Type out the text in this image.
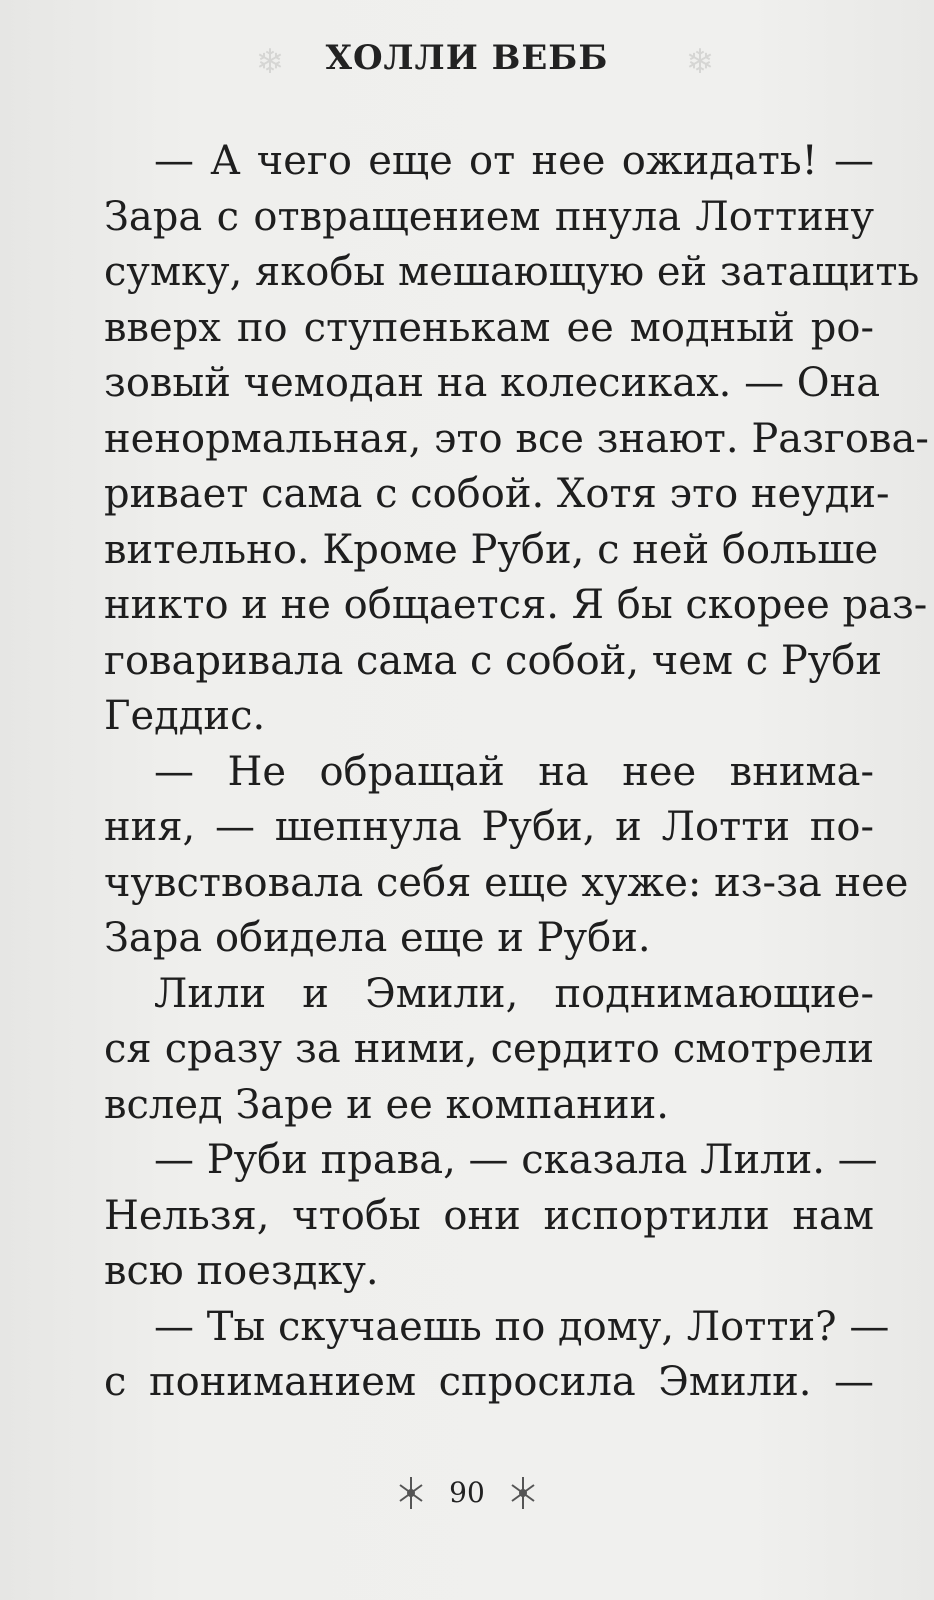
❄	ХОЛЛИ ВЕББ	❄
— А чего еще от нее ожидать! —
Зара с отвращением пнула Лоттину
сумку, якобы мешающую ей затащить
вверх по ступенькам ее модный ро-
зовый чемодан на колесиках. — Она
ненормальная, это все знают. Разгова-
ривает сама с собой. Хотя это неуди-
вительно. Кроме Руби, с ней больше
никто и не общается. Я бы скорее раз-
говаривала сама с собой, чем с Руби
Геддис.
— Не обращай на нее внима-
ния, — шепнула Руби, и Лотти по-
чувствовала себя еще хуже: из-за нее
Зара обидела еще и Руби.
Лили и Эмили, поднимающие-
ся сразу за ними, сердито смотрели
вслед Заре и ее компании.
— Руби права, — сказала Лили. —
Нельзя, чтобы они испортили нам
всю поездку.
— Ты скучаешь по дому, Лотти? —
с пониманием спросила Эмили. —
90
